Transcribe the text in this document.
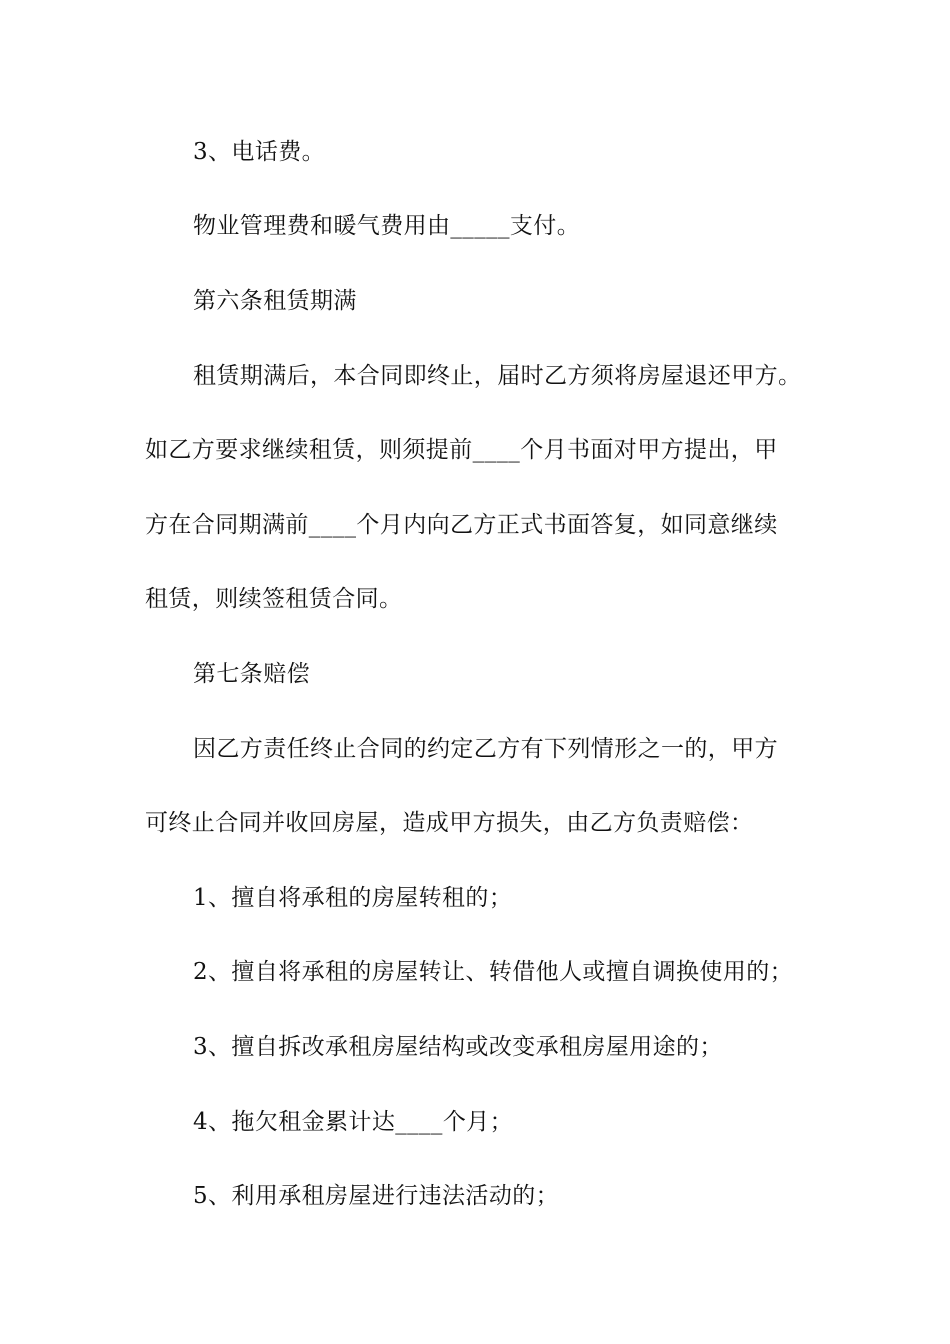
3、电话费。
物业管理费和暖气费用由_____支付。
第六条租赁期满
租赁期满后，本合同即终止，届时乙方须将房屋退还甲方。
如乙方要求继续租赁，则须提前____个月书面对甲方提出，甲
方在合同期满前____个月内向乙方正式书面答复，如同意继续
租赁，则续签租赁合同。
第七条赔偿
因乙方责任终止合同的约定乙方有下列情形之一的，甲方
可终止合同并收回房屋，造成甲方损失，由乙方负责赔偿：
1、擅自将承租的房屋转租的；
2、擅自将承租的房屋转让、转借他人或擅自调换使用的；
3、擅自拆改承租房屋结构或改变承租房屋用途的；
4、拖欠租金累计达____个月；
5、利用承租房屋进行违法活动的；
